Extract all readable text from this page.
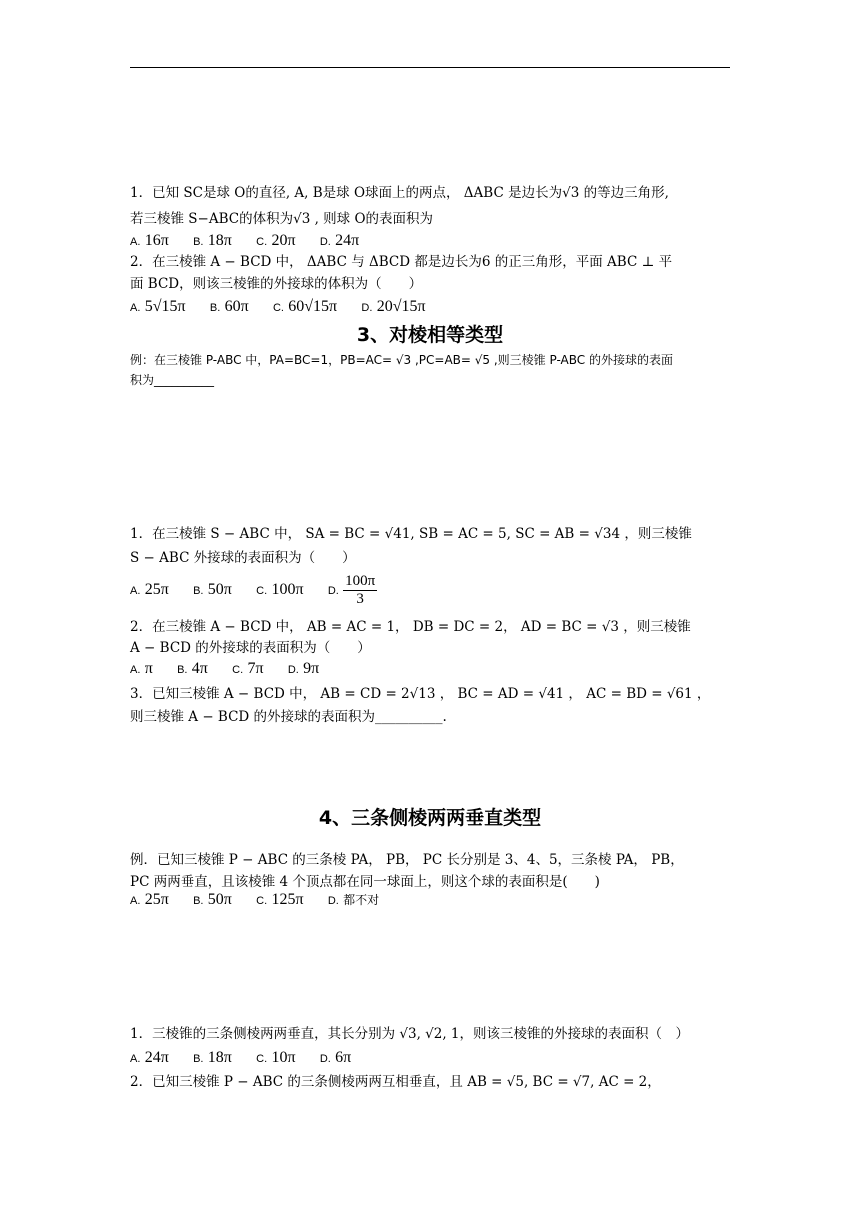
1．已知 SC是球 O的直径, A, B是球 O球面上的两点， ΔABC 是边长为√3 的等边三角形,
若三棱锥 S−ABC的体积为√3 , 则球 O的表面积为
A. 16π B. 18π C. 20π D. 24π
2．在三棱锥 A − BCD 中， ΔABC 与 ΔBCD 都是边长为6 的正三角形，平面 ABC ⊥ 平
面 BCD，则该三棱锥的外接球的体积为（　　）
A. 5√15π B. 60π C. 60√15π D. 20√15π
3、对棱相等类型
例：在三棱锥 P-ABC 中，PA=BC=1，PB=AC= √3 ,PC=AB= √5 ,则三棱锥 P-ABC 的外接球的表面
积为__________
1．在三棱锥 S − ABC 中， SA = BC = √41, SB = AC = 5, SC = AB = √34 ，则三棱锥
S − ABC 外接球的表面积为（　　）
A. 25π B. 50π C. 100π D. $\frac{100\pi}{3}$
2．在三棱锥 A − BCD 中， AB = AC = 1， DB = DC = 2， AD = BC = √3 ，则三棱锥
A − BCD 的外接球的表面积为（　　）
A. π B. 4π C. 7π D. 9π
3．已知三棱锥 A − BCD 中， AB = CD = 2√13 ， BC = AD = √41 ， AC = BD = √61 ，
则三棱锥 A − BCD 的外接球的表面积为__________.
4、三条侧棱两两垂直类型
例．已知三棱锥 P − ABC 的三条棱 PA， PB， PC 长分别是 3、4、5，三条棱 PA， PB，
PC 两两垂直，且该棱锥 4 个顶点都在同一球面上，则这个球的表面积是(　　)
A. 25π B. 50π C. 125π D. 都不对
1．三棱锥的三条侧棱两两垂直，其长分别为 √3, √2, 1，则该三棱锥的外接球的表面积（　）
A. 24π B. 18π C. 10π D. 6π
2．已知三棱锥 P − ABC 的三条侧棱两两互相垂直，且 AB = √5, BC = √7, AC = 2，
